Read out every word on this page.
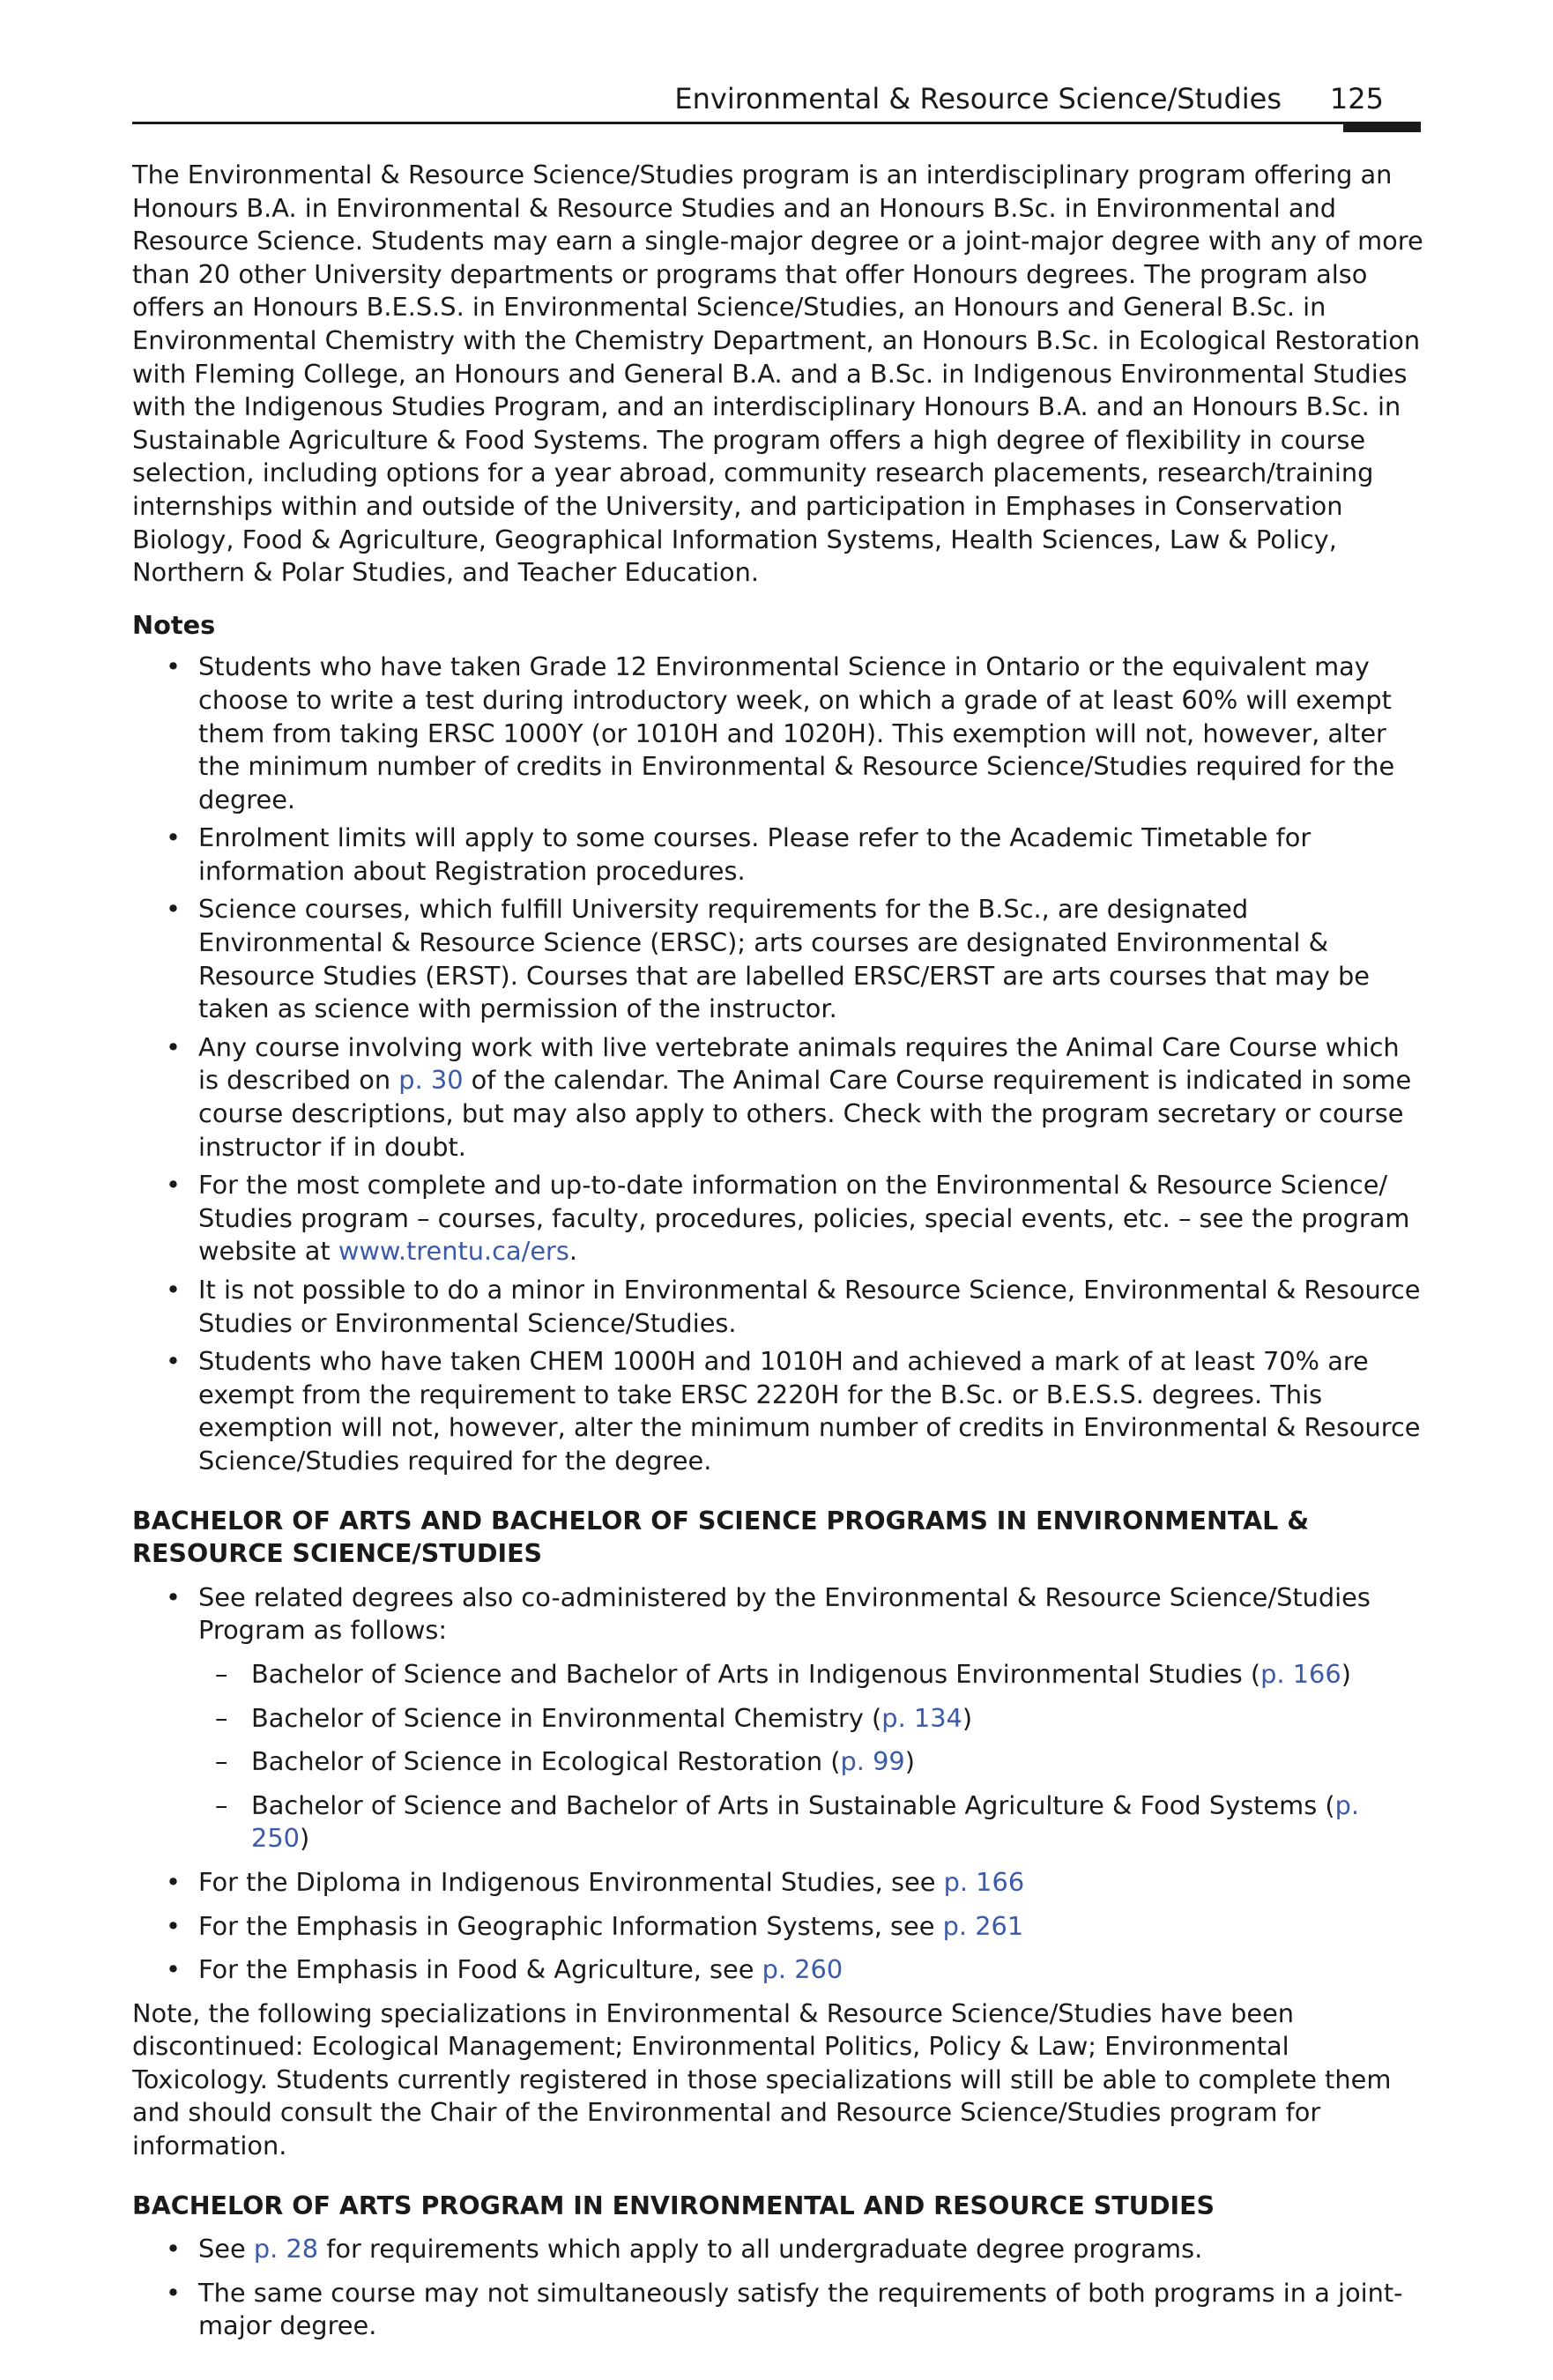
Environmental & Resource Science/Studies 125

The Environmental & Resource Science/Studies program is an interdisciplinary program offering an Honours B.A. in Environmental & Resource Studies and an Honours B.Sc. in Environmental and Resource Science. Students may earn a single-major degree or a joint-major degree with any of more than 20 other University departments or programs that offer Honours degrees. The program also offers an Honours B.E.S.S. in Environmental Science/Studies, an Honours and General B.Sc. in Environmental Chemistry with the Chemistry Department, an Honours B.Sc. in Ecological Restoration with Fleming College, an Honours and General B.A. and a B.Sc. in Indigenous Environmental Studies with the Indigenous Studies Program, and an interdisciplinary Honours B.A. and an Honours B.Sc. in Sustainable Agriculture & Food Systems. The program offers a high degree of flexibility in course selection, including options for a year abroad, community research placements, research/training internships within and outside of the University, and participation in Emphases in Conservation Biology, Food & Agriculture, Geographical Information Systems, Health Sciences, Law & Policy, Northern & Polar Studies, and Teacher Education.

Notes

• Students who have taken Grade 12 Environmental Science in Ontario or the equivalent may choose to write a test during introductory week, on which a grade of at least 60% will exempt them from taking ERSC 1000Y (or 1010H and 1020H). This exemption will not, however, alter the minimum number of credits in Environmental & Resource Science/Studies required for the degree.
• Enrolment limits will apply to some courses. Please refer to the Academic Timetable for information about Registration procedures.
• Science courses, which fulfill University requirements for the B.Sc., are designated Environmental & Resource Science (ERSC); arts courses are designated Environmental & Resource Studies (ERST). Courses that are labelled ERSC/ERST are arts courses that may be taken as science with permission of the instructor.
• Any course involving work with live vertebrate animals requires the Animal Care Course which is described on p. 30 of the calendar. The Animal Care Course requirement is indicated in some course descriptions, but may also apply to others. Check with the program secretary or course instructor if in doubt.
• For the most complete and up-to-date information on the Environmental & Resource Science/ Studies program – courses, faculty, procedures, policies, special events, etc. – see the program website at www.trentu.ca/ers.
• It is not possible to do a minor in Environmental & Resource Science, Environmental & Resource Studies or Environmental Science/Studies.
• Students who have taken CHEM 1000H and 1010H and achieved a mark of at least 70% are exempt from the requirement to take ERSC 2220H for the B.Sc. or B.E.S.S. degrees. This exemption will not, however, alter the minimum number of credits in Environmental & Resource Science/Studies required for the degree.

BACHELOR OF ARTS AND BACHELOR OF SCIENCE PROGRAMS IN ENVIRONMENTAL & RESOURCE SCIENCE/STUDIES

• See related degrees also co-administered by the Environmental & Resource Science/Studies Program as follows:
– Bachelor of Science and Bachelor of Arts in Indigenous Environmental Studies (p. 166)
– Bachelor of Science in Environmental Chemistry (p. 134)
– Bachelor of Science in Ecological Restoration (p. 99)
– Bachelor of Science and Bachelor of Arts in Sustainable Agriculture & Food Systems (p. 250)
• For the Diploma in Indigenous Environmental Studies, see p. 166
• For the Emphasis in Geographic Information Systems, see p. 261
• For the Emphasis in Food & Agriculture, see p. 260

Note, the following specializations in Environmental & Resource Science/Studies have been discontinued: Ecological Management; Environmental Politics, Policy & Law; Environmental Toxicology. Students currently registered in those specializations will still be able to complete them and should consult the Chair of the Environmental and Resource Science/Studies program for information.

BACHELOR OF ARTS PROGRAM IN ENVIRONMENTAL AND RESOURCE STUDIES

• See p. 28 for requirements which apply to all undergraduate degree programs.
• The same course may not simultaneously satisfy the requirements of both programs in a joint-major degree.
